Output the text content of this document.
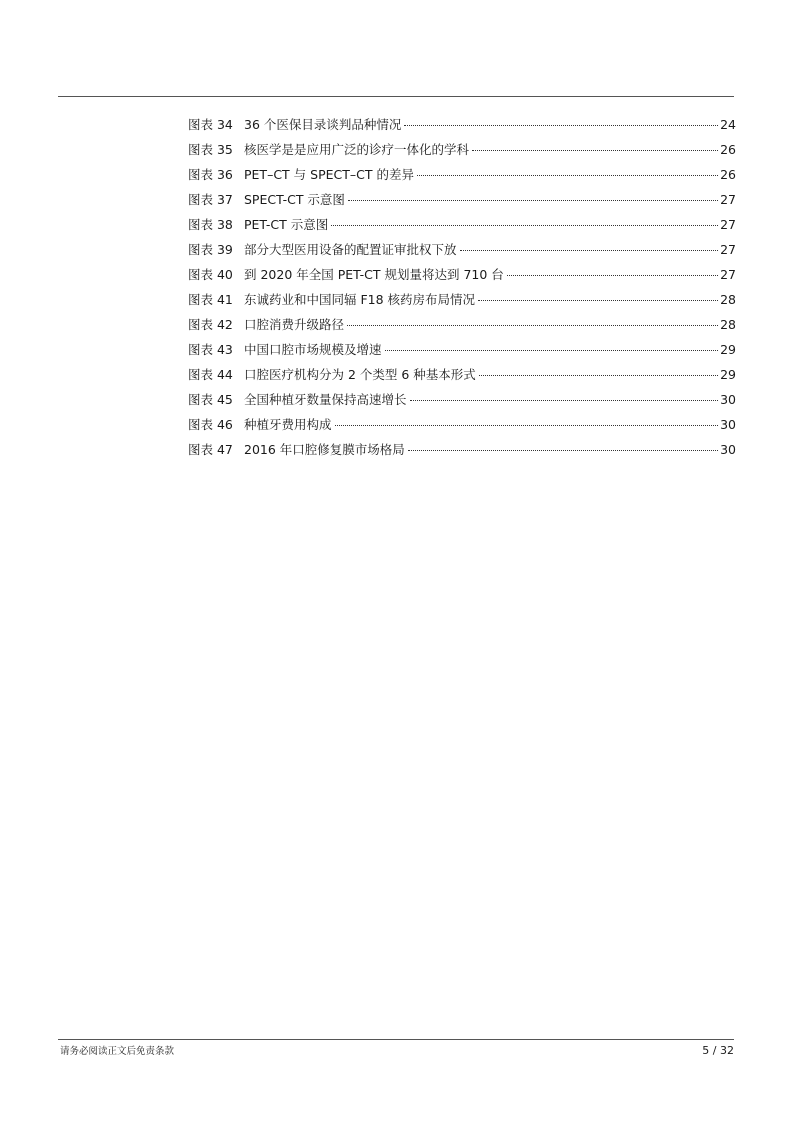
图表 34 36 个医保目录谈判品种情况	24
图表 35 核医学是是应用广泛的诊疗一体化的学科	26
图表 36 PET–CT 与 SPECT–CT 的差异	26
图表 37 SPECT-CT 示意图	27
图表 38 PET-CT 示意图	27
图表 39 部分大型医用设备的配置证审批权下放	27
图表 40 到 2020 年全国 PET-CT 规划量将达到 710 台	27
图表 41 东诚药业和中国同辐 F18 核药房布局情况	28
图表 42 口腔消费升级路径	28
图表 43 中国口腔市场规模及增速	29
图表 44 口腔医疗机构分为 2 个类型 6 种基本形式	29
图表 45 全国种植牙数量保持高速增长	30
图表 46 种植牙费用构成	30
图表 47 2016 年口腔修复膜市场格局	30
请务必阅读正文后免责条款	5 / 32
